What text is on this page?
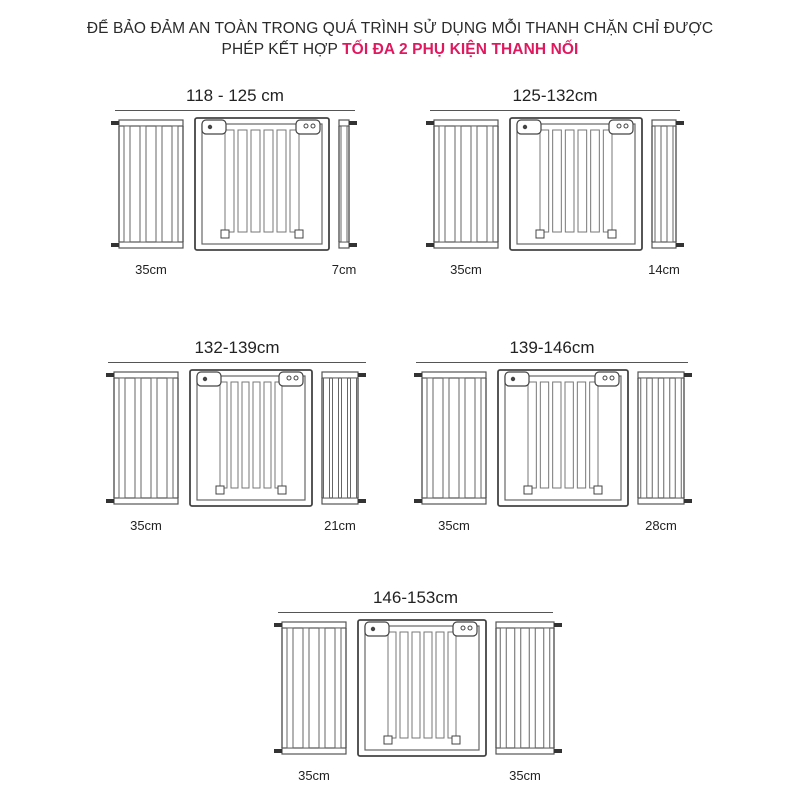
ĐỂ BẢO ĐẢM AN TOÀN TRONG QUÁ TRÌNH SỬ DỤNG MỖI THANH CHẶN CHỈ ĐƯỢC
PHÉP KẾT HỢP TỐI ĐA 2 PHỤ KIỆN THANH NỐI
118 - 125 cm
35cm	7cm
125-132cm
35cm	14cm
132-139cm
35cm	21cm
139-146cm
35cm	28cm
146-153cm
35cm	35cm
